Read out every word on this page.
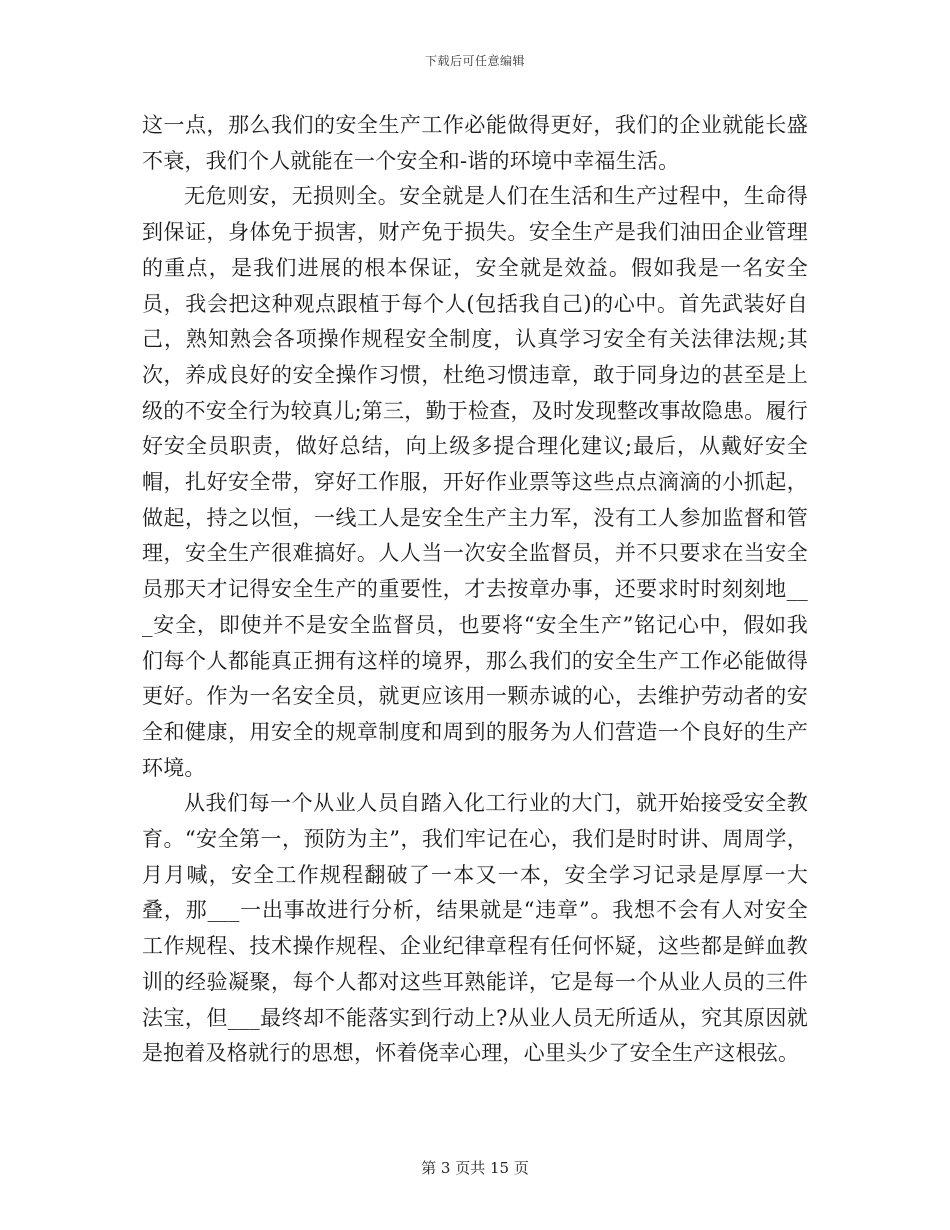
下载后可任意编辑

这一点，那么我们的安全生产工作必能做得更好，我们的企业就能长盛不衰，我们个人就能在一个安全和-谐的环境中幸福生活。

无危则安，无损则全。安全就是人们在生活和生产过程中，生命得到保证，身体免于损害，财产免于损失。安全生产是我们油田企业管理的重点，是我们进展的根本保证，安全就是效益。假如我是一名安全员，我会把这种观点跟植于每个人(包括我自己)的心中。首先武装好自己，熟知熟会各项操作规程安全制度，认真学习安全有关法律法规;其次，养成良好的安全操作习惯，杜绝习惯违章，敢于同身边的甚至是上级的不安全行为较真儿;第三，勤于检查，及时发现整改事故隐患。履行好安全员职责，做好总结，向上级多提合理化建议;最后，从戴好安全帽，扎好安全带，穿好工作服，开好作业票等这些点点滴滴的小抓起，做起，持之以恒，一线工人是安全生产主力军，没有工人参加监督和管理，安全生产很难搞好。人人当一次安全监督员，并不只要求在当安全员那天才记得安全生产的重要性，才去按章办事，还要求时时刻刻地___安全，即使并不是安全监督员，也要将“安全生产”铭记心中，假如我们每个人都能真正拥有这样的境界，那么我们的安全生产工作必能做得更好。作为一名安全员，就更应该用一颗赤诚的心，去维护劳动者的安全和健康，用安全的规章制度和周到的服务为人们营造一个良好的生产环境。

从我们每一个从业人员自踏入化工行业的大门，就开始接受安全教育。“安全第一，预防为主”，我们牢记在心，我们是时时讲、周周学，月月喊，安全工作规程翻破了一本又一本，安全学习记录是厚厚一大叠，那___一出事故进行分析，结果就是“违章”。我想不会有人对安全工作规程、技术操作规程、企业纪律章程有任何怀疑，这些都是鲜血教训的经验凝聚，每个人都对这些耳熟能详，它是每一个从业人员的三件法宝，但___最终却不能落实到行动上?从业人员无所适从，究其原因就是抱着及格就行的思想，怀着侥幸心理，心里头少了安全生产这根弦。

第 3 页共 15 页
